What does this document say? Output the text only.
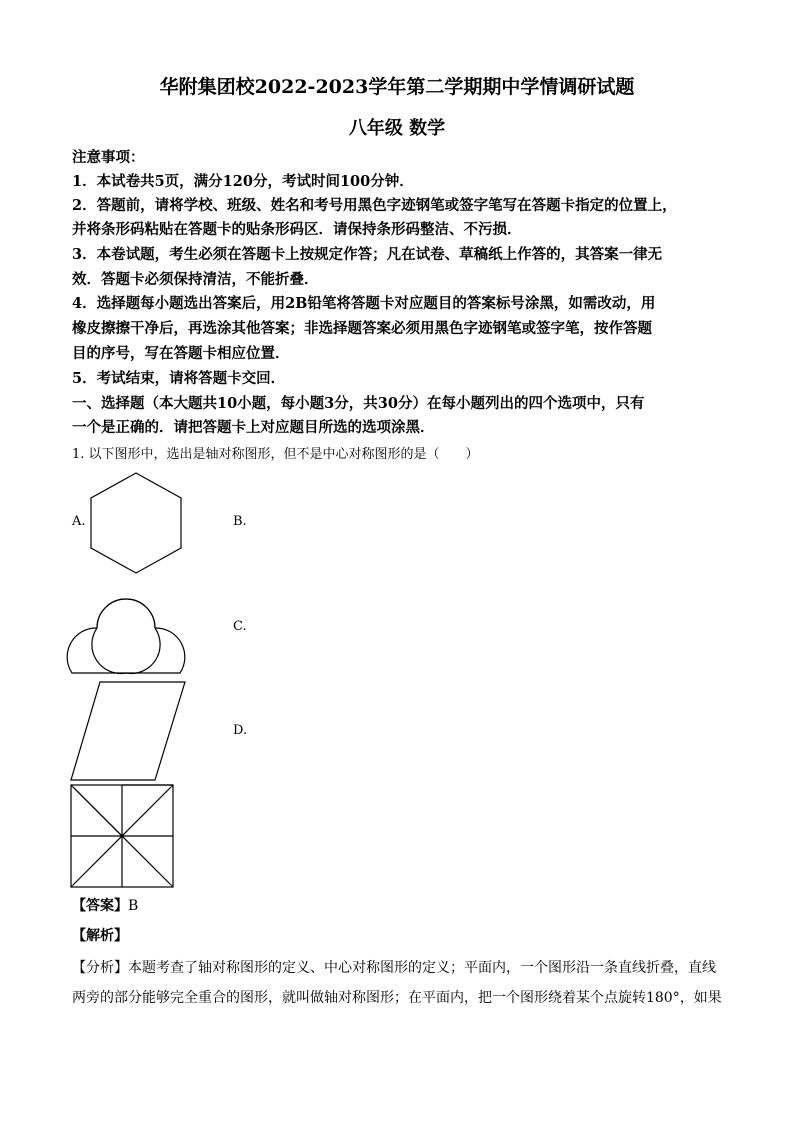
华附集团校2022-2023学年第二学期期中学情调研试题
八年级 数学
注意事项：
1．本试卷共5页，满分120分，考试时间100分钟．
2．答题前，请将学校、班级、姓名和考号用黑色字迹钢笔或签字笔写在答题卡指定的位置上，
并将条形码粘贴在答题卡的贴条形码区．请保持条形码整洁、不污损．
3．本卷试题，考生必须在答题卡上按规定作答；凡在试卷、草稿纸上作答的，其答案一律无
效．答题卡必须保持清洁，不能折叠．
4．选择题每小题选出答案后，用2B铅笔将答题卡对应题目的答案标号涂黑，如需改动，用
橡皮擦擦干净后，再选涂其他答案；非选择题答案必须用黑色字迹钢笔或签字笔，按作答题
目的序号，写在答题卡相应位置．
5．考试结束，请将答题卡交回．
一、选择题（本大题共10小题，每小题3分，共30分）在每小题列出的四个选项中，只有
一个是正确的．请把答题卡上对应题目所选的选项涂黑．
1. 以下图形中，选出是轴对称图形，但不是中心对称图形的是（　　）
A.	B.
C.
D.
【答案】B
【解析】
【分析】本题考查了轴对称图形的定义、中心对称图形的定义；平面内，一个图形沿一条直线折叠，直线
两旁的部分能够完全重合的图形，就叫做轴对称图形；在平面内，把一个图形绕着某个点旋转180°，如果
